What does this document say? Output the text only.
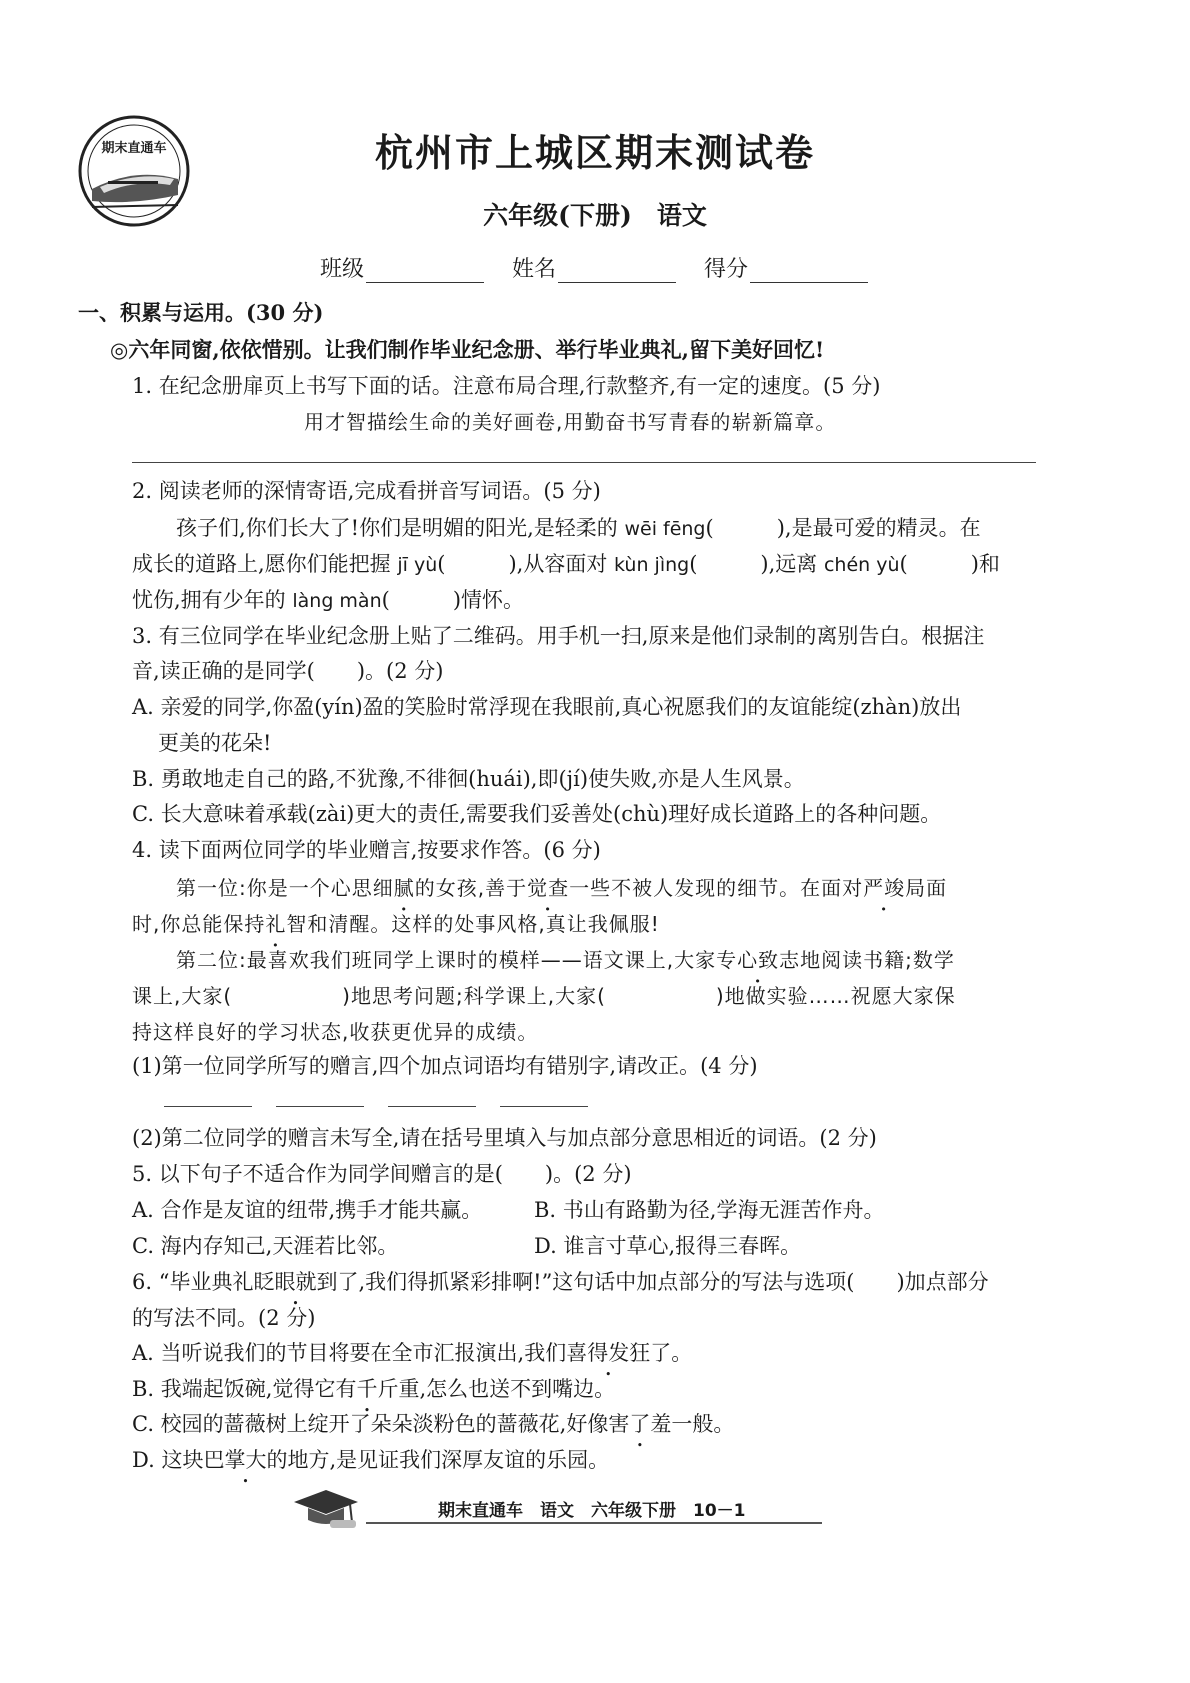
期末直通车	杭州市上城区期末测试卷
六年级(下册)　语文
班级	姓名	得分
一、积累与运用。(30 分)
◎六年同窗,依依惜别。让我们制作毕业纪念册、举行毕业典礼,留下美好回忆!
1. 在纪念册扉页上书写下面的话。注意布局合理,行款整齐,有一定的速度。(5 分)
用才智描绘生命的美好画卷,用勤奋书写青春的崭新篇章。
2. 阅读老师的深情寄语,完成看拼音写词语。(5 分)
孩子们,你们长大了!你们是明媚的阳光,是轻柔的 wēi fēng(　　　),是最可爱的精灵。在
成长的道路上,愿你们能把握 jī yù(　　　),从容面对 kùn jìng(　　　),远离 chén yù(　　　)和
忧伤,拥有少年的 làng màn(　　　)情怀。
3. 有三位同学在毕业纪念册上贴了二维码。用手机一扫,原来是他们录制的离别告白。根据注
音,读正确的是同学(　　)。(2 分)
A. 亲爱的同学,你盈(yín)盈的笑脸时常浮现在我眼前,真心祝愿我们的友谊能绽(zhàn)放出
更美的花朵!
B. 勇敢地走自己的路,不犹豫,不徘徊(huái),即(jí)使失败,亦是人生风景。
C. 长大意味着承载(zài)更大的责任,需要我们妥善处(chù)理好成长道路上的各种问题。
4. 读下面两位同学的毕业赠言,按要求作答。(6 分)
第一位:你是一个心思细腻的女孩,善于觉查一些不被人发现的细节。在面对严竣局面
时,你总能保持礼智和清醒。这样的处事风格,真让我佩服!
第二位:最喜欢我们班同学上课时的模样——语文课上,大家专心致志地阅读书籍;数学
课上,大家(	)地思考问题;科学课上,大家(	)地做实验……祝愿大家保
持这样良好的学习状态,收获更优异的成绩。
(1)第一位同学所写的赠言,四个加点词语均有错别字,请改正。(4 分)
(2)第二位同学的赠言未写全,请在括号里填入与加点部分意思相近的词语。(2 分)
5. 以下句子不适合作为同学间赠言的是(　　)。(2 分)
A. 合作是友谊的纽带,携手才能共赢。 B. 书山有路勤为径,学海无涯苦作舟。
C. 海内存知己,天涯若比邻。	D. 谁言寸草心,报得三春晖。
6. “毕业典礼眨眼就到了,我们得抓紧彩排啊!”这句话中加点部分的写法与选项(　　)加点部分
的写法不同。(2 分)
A. 当听说我们的节目将要在全市汇报演出,我们喜得发狂了。
B. 我端起饭碗,觉得它有千斤重 •,怎么也送不到嘴边。
C. 校园的蔷薇树上绽开了朵朵淡粉色的蔷薇花,好像害了羞一般 •。
D. 这块巴掌大的地方 •,是见证我们深厚友谊的乐园。
期末直通车　语文　六年级下册　10－1
